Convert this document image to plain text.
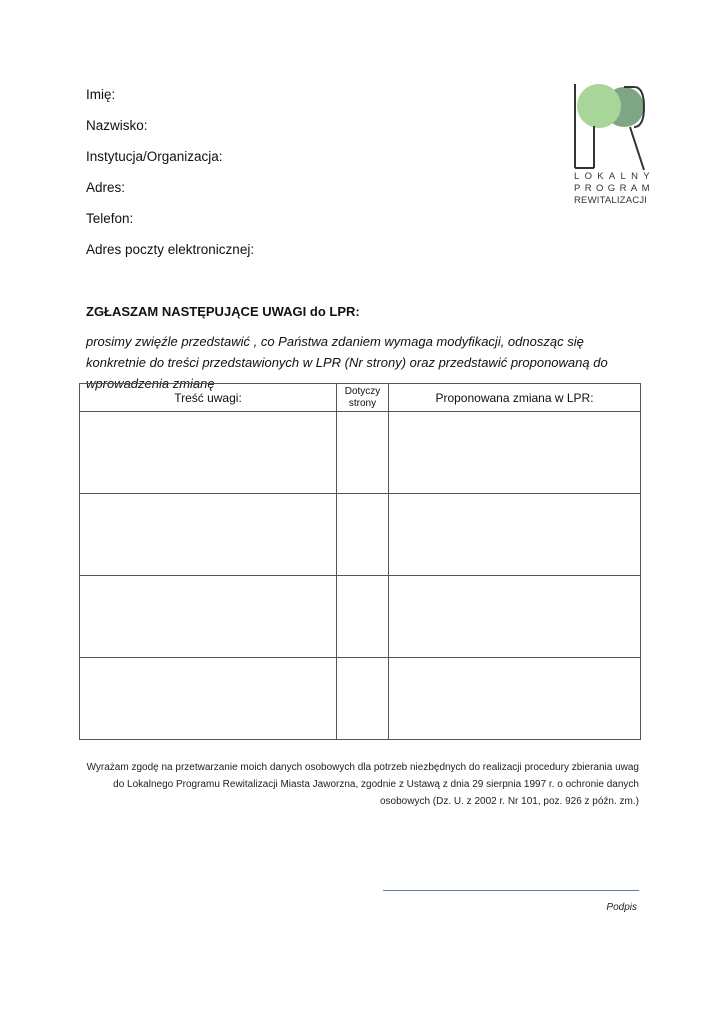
Imię:
Nazwisko:
Instytucja/Organizacja:
Adres:
Telefon:
Adres poczty elektronicznej:
LOKALNY
PROGRAM
REWITALIZACJI
ZGŁASZAM NASTĘPUJĄCE UWAGI do LPR:
prosimy zwięźle przedstawić , co Państwa zdaniem wymaga modyfikacji, odnosząc się konkretnie do treści przedstawionych w LPR (Nr strony) oraz przedstawić proponowaną do wprowadzenia zmianę
Treść uwagi:	Dotyczy strony	Proponowana zmiana w LPR:

Wyrażam zgodę na przetwarzanie moich danych osobowych dla potrzeb niezbędnych do realizacji procedury zbierania uwag do Lokalnego Programu Rewitalizacji Miasta Jaworzna, zgodnie z Ustawą z dnia 29 sierpnia 1997 r. o ochronie danych osobowych (Dz. U. z 2002 r. Nr 101, poz. 926 z późn. zm.)
Podpis
